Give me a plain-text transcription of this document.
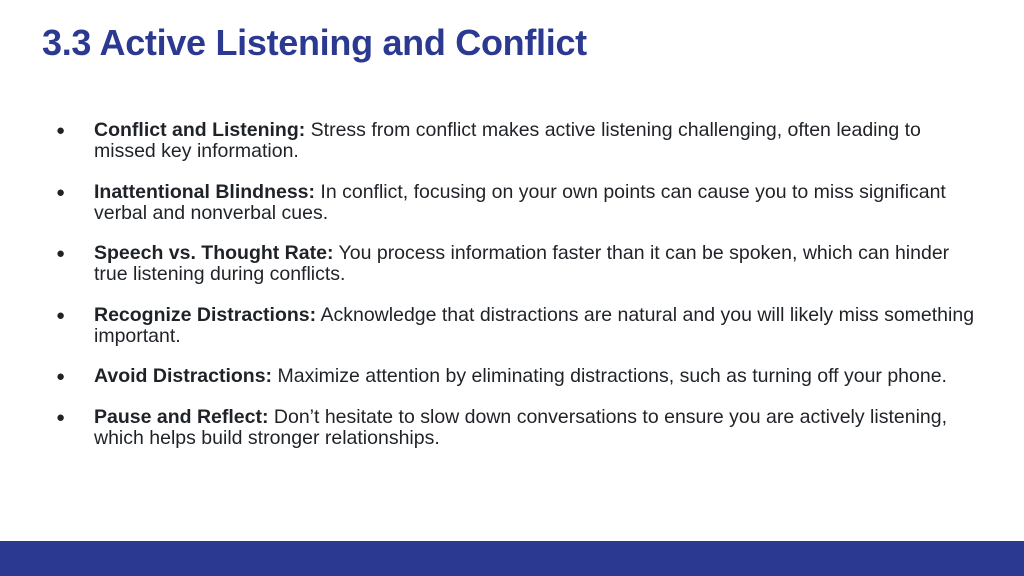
3.3 Active Listening and Conflict
● Conflict and Listening: Stress from conflict makes active listening challenging, often leading to missed key information.
● Inattentional Blindness: In conflict, focusing on your own points can cause you to miss significant verbal and nonverbal cues.
● Speech vs. Thought Rate: You process information faster than it can be spoken, which can hinder true listening during conflicts.
● Recognize Distractions: Acknowledge that distractions are natural and you will likely miss something important.
● Avoid Distractions: Maximize attention by eliminating distractions, such as turning off your phone.
● Pause and Reflect: Don’t hesitate to slow down conversations to ensure you are actively listening, which helps build stronger relationships.
